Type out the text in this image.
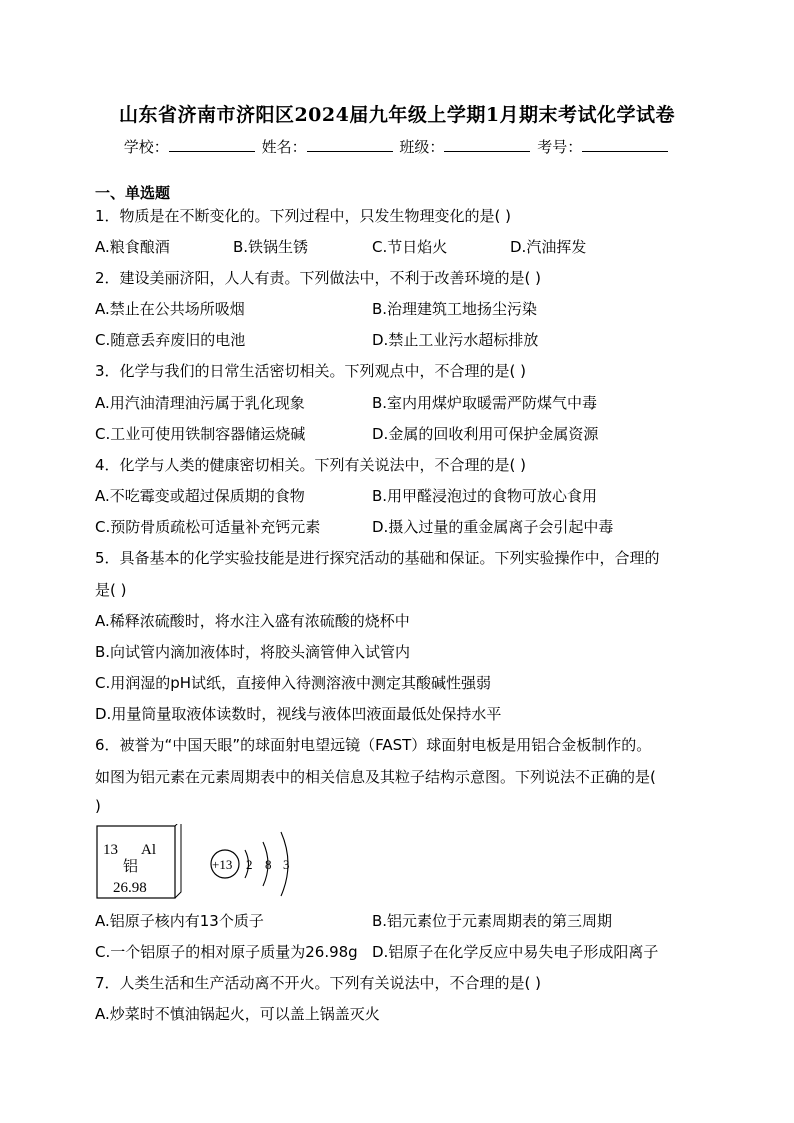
山东省济南市济阳区2024届九年级上学期1月期末考试化学试卷
学校：	姓名：	班级：	考号：
一、单选题
1．物质是在不断变化的。下列过程中，只发生物理变化的是( )
A.粮食酿酒	B.铁锅生锈	C.节日焰火	D.汽油挥发
2．建设美丽济阳，人人有责。下列做法中，不利于改善环境的是( )
A.禁止在公共场所吸烟	B.治理建筑工地扬尘污染
C.随意丢弃废旧的电池	D.禁止工业污水超标排放
3．化学与我们的日常生活密切相关。下列观点中，不合理的是( )
A.用汽油清理油污属于乳化现象	B.室内用煤炉取暖需严防煤气中毒
C.工业可使用铁制容器储运烧碱	D.金属的回收利用可保护金属资源
4．化学与人类的健康密切相关。下列有关说法中，不合理的是( )
A.不吃霉变或超过保质期的食物	B.用甲醛浸泡过的食物可放心食用
C.预防骨质疏松可适量补充钙元素	D.摄入过量的重金属离子会引起中毒
5．具备基本的化学实验技能是进行探究活动的基础和保证。下列实验操作中，合理的
是( )
A.稀释浓硫酸时，将水注入盛有浓硫酸的烧杯中
B.向试管内滴加液体时，将胶头滴管伸入试管内
C.用润湿的pH试纸，直接伸入待测溶液中测定其酸碱性强弱
D.用量筒量取液体读数时，视线与液体凹液面最低处保持水平
6．被誉为“中国天眼”的球面射电望远镜（FAST）球面射电板是用铝合金板制作的。
如图为铝元素在元素周期表中的相关信息及其粒子结构示意图。下列说法不正确的是(
)
13 Al
铝
26.98
+13 2 8 3
A.铝原子核内有13个质子	B.铝元素位于元素周期表的第三周期
C.一个铝原子的相对原子质量为26.98g D.铝原子在化学反应中易失电子形成阳离子
7．人类生活和生产活动离不开火。下列有关说法中，不合理的是( )
A.炒菜时不慎油锅起火，可以盖上锅盖灭火
